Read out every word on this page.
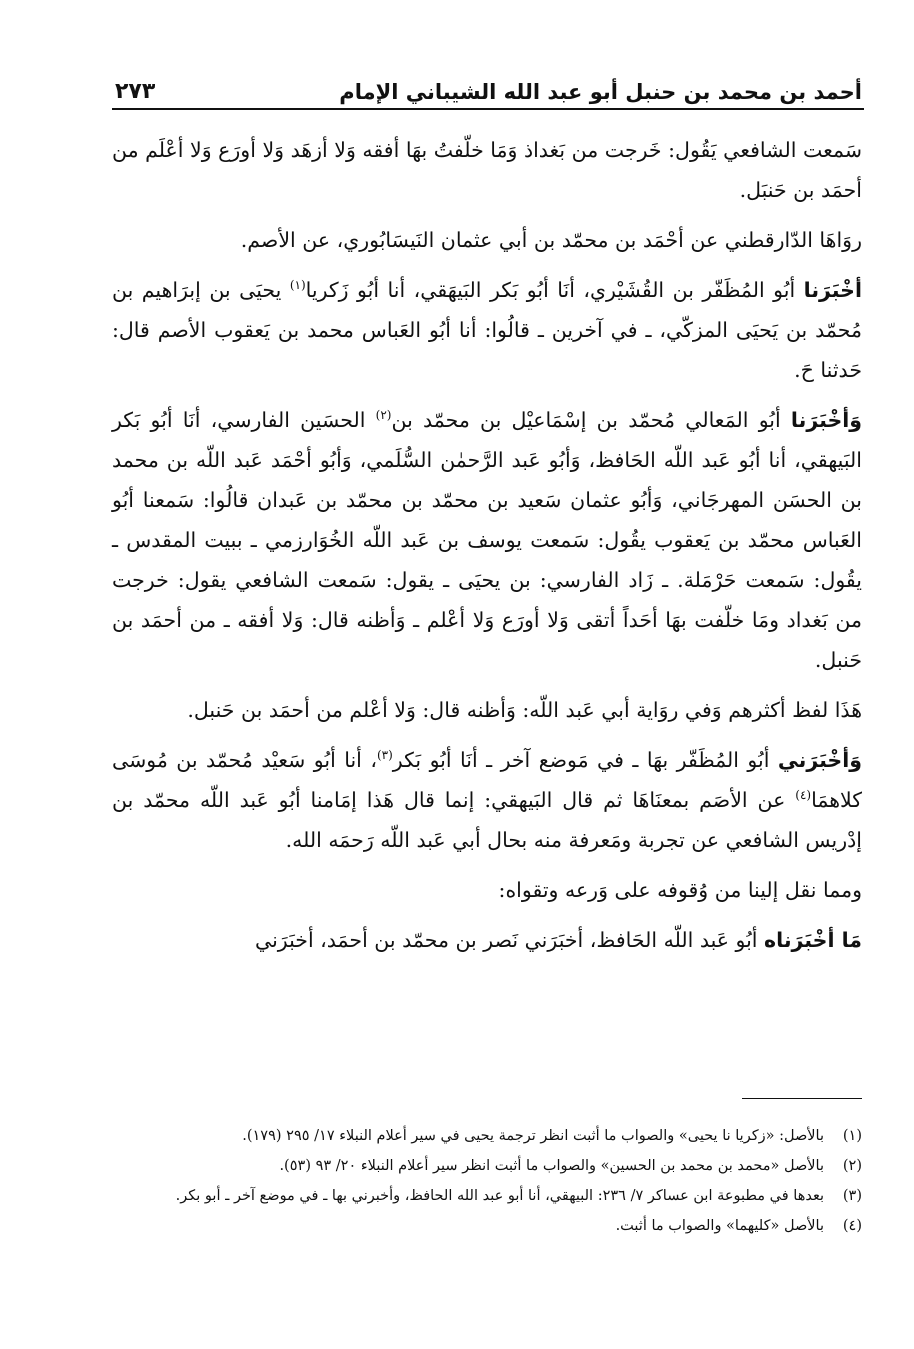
أحمد بن محمد بن حنبل أبو عبد الله الشيباني الإمام
٢٧٣

سَمعت الشافعي يَقُول: خَرجت من بَغداذ وَمَا خلّفتُ بهَا أفقه وَلا أزهَد وَلا أورَع وَلا أعْلَم من أحمَد بن حَنبَل.

روَاهَا الدّارقطني عن أحْمَد بن محمّد بن أبي عثمان النَيسَابُوري، عن الأصم.

أخْبَرَنا أبُو المُظَفّر بن القُشَيْري، أنَا أبُو بَكر البَيهَقي، أنا أبُو زَكريا$^{(١)}$ يحيَى بن إبرَاهيم بن مُحمّد بن يَحيَى المزكّي، ـ في آخرين ـ قالُوا: أنا أبُو العَباس محمد بن يَعقوب الأصم قال: حَدثنا حَ.

وَأخْبَرَنا أبُو المَعالي مُحمّد بن إسْمَاعيْل بن محمّد بن$^{(٢)}$ الحسَين الفارسي، أنَا أبُو بَكر البَيهقي، أنا أبُو عَبد اللّه الحَافظ، وَأبُو عَبد الرَّحمٰن السُّلَمي، وَأبُو أحْمَد عَبد اللّه بن محمد بن الحسَن المهرجَاني، وَأبُو عثمان سَعيد بن محمّد بن محمّد بن عَبدان قالُوا: سَمعنا أبُو العَباس محمّد بن يَعقوب يقُول: سَمعت يوسف بن عَبد اللّه الخُوَارزمي ـ ببيت المقدس ـ يقُول: سَمعت حَرْمَلة. ـ زَاد الفارسي: بن يحيَى ـ يقول: سَمعت الشافعي يقول: خرجت من بَغداد ومَا خلّفت بهَا أحَداً أتقى وَلا أورَع وَلا أعْلم ـ وَأظنه قال: وَلا أفقه ـ من أحمَد بن حَنبل.

هَذَا لفظ أكثرهم وَفي روَاية أبي عَبد اللّه: وَأظنه قال: وَلا أعْلم من أحمَد بن حَنبل.

وَأخْبَرَني أبُو المُظَفّر بهَا ـ في مَوضع آخر ـ أنَا أبُو بَكر$^{(٣)}$، أنا أبُو سَعيْد مُحمّد بن مُوسَى كلاهمَا$^{(٤)}$ عن الأصَم بمعنَاهَا ثم قال البَيهقي: إنما قال هَذا إمَامنا أبُو عَبد اللّه محمّد بن إدْريس الشافعي عن تجربة ومَعرفة منه بحال أبي عَبد اللّه رَحمَه الله.

ومما نقل إلينا من وُقوفه على وَرعه وتقواه:

مَا أخْبَرَناه أبُو عَبد اللّه الحَافظ، أخبَرَني نَصر بن محمّد بن أحمَد، أخبَرَني

(١)
بالأصل: «زكريا نا يحيى» والصواب ما أثبت انظر ترجمة يحيى في سير أعلام النبلاء ١٧/ ٢٩٥ (١٧٩).
(٢)
بالأصل «محمد بن محمد بن الحسين» والصواب ما أثبت انظر سير أعلام النبلاء ٢٠/ ٩٣ (٥٣).
(٣)
بعدها في مطبوعة ابن عساكر ٧/ ٢٣٦: البيهقي، أنا أبو عبد الله الحافظ، وأخبرني بها ـ في موضع آخر ـ أبو بكر.
(٤)
بالأصل «كليهما» والصواب ما أثبت.
